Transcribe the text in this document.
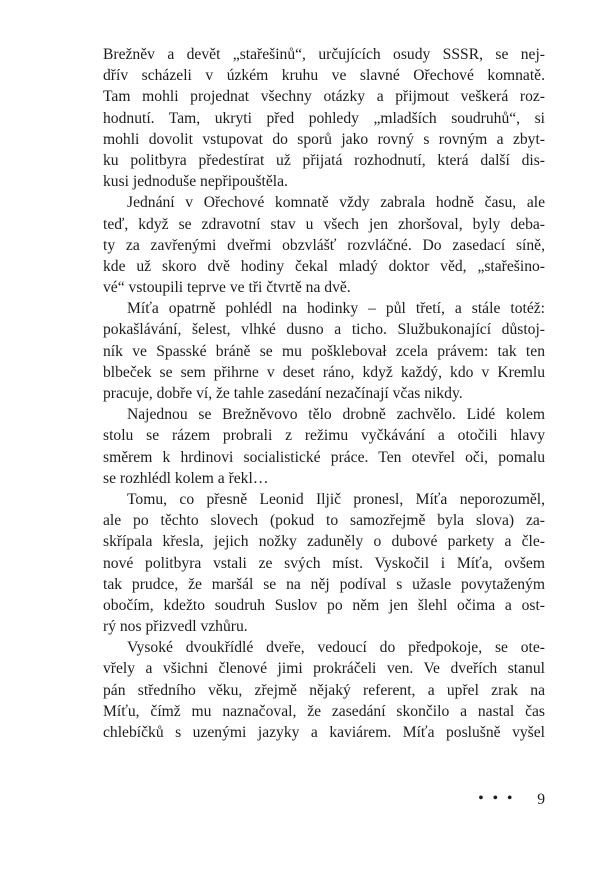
Brežněv a devět „stařešinů“, určujících osudy SSSR, se nej-
dřív scházeli v úzkém kruhu ve slavné Ořechové komnatě.
Tam mohli projednat všechny otázky a přijmout veškerá roz-
hodnutí. Tam, ukryti před pohledy „mladších soudruhů“, si
mohli dovolit vstupovat do sporů jako rovný s rovným a zbyt-
ku politbyra předestírat už přijatá rozhodnutí, která další dis-
kusi jednoduše nepřipouštěla.
Jednání v Ořechové komnatě vždy zabrala hodně času, ale
teď, když se zdravotní stav u všech jen zhoršoval, byly deba-
ty za zavřenými dveřmi obzvlášť rozvláčné. Do zasedací síně,
kde už skoro dvě hodiny čekal mladý doktor věd, „stařešino-
vé“ vstoupili teprve ve tři čtvrtě na dvě.
Míťa opatrně pohlédl na hodinky – půl třetí, a stále totéž:
pokašlávání, šelest, vlhké dusno a ticho. Službukonající důstoj-
ník ve Spasské bráně se mu pošklebovał zcela právem: tak ten
blbeček se sem přihrne v deset ráno, když každý, kdo v Kremlu
pracuje, dobře ví, že tahle zasedání nezačínají včas nikdy.
Najednou se Brežněvovo tělo drobně zachvělo. Lidé kolem
stolu se rázem probrali z režimu vyčkávání a otočili hlavy
směrem k hrdinovi socialistické práce. Ten otevřel oči, pomalu
se rozhlédl kolem a řekl…
Tomu, co přesně Leonid Iljič pronesl, Míťa neporozuměl,
ale po těchto slovech (pokud to samozřejmě byla slova) za-
skřípala křesla, jejich nožky zaduněly o dubové parkety a čle-
nové politbyra vstali ze svých míst. Vyskočil i Míťa, ovšem
tak prudce, že maršál se na něj podíval s užasle povytaženým
obočím, kdežto soudruh Suslov po něm jen šlehl očima a ost-
rý nos přizvedl vzhůru.
Vysoké dvoukřídlé dveře, vedoucí do předpokoje, se ote-
vřely a všichni členové jimi prokráčeli ven. Ve dveřích stanul
pán středního věku, zřejmě nějaký referent, a upřel zrak na
Míťu, čímž mu naznačoval, že zasedání skončilo a nastal čas
chlebíčků s uzenými jazyky a kaviárem. Míťa poslušně vyšel
• • • 9
